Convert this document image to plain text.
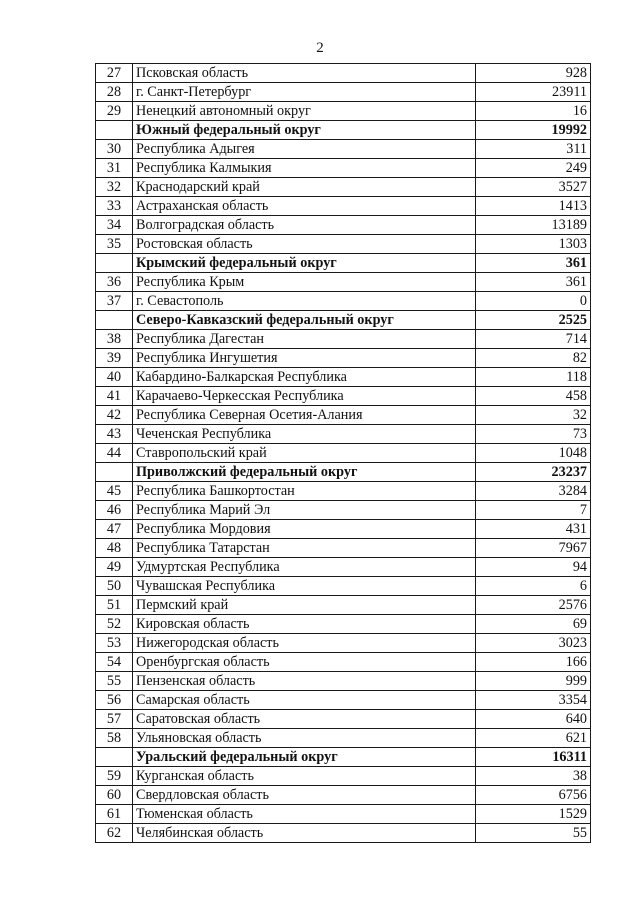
2
27	Псковская область	928
28	г. Санкт-Петербург	23911
29	Ненецкий автономный округ	16
	Южный федеральный округ	19992
30	Республика Адыгея	311
31	Республика Калмыкия	249
32	Краснодарский край	3527
33	Астраханская область	1413
34	Волгоградская область	13189
35	Ростовская область	1303
	Крымский федеральный округ	361
36	Республика Крым	361
37	г. Севастополь	0
	Северо-Кавказский федеральный округ	2525
38	Республика Дагестан	714
39	Республика Ингушетия	82
40	Кабардино-Балкарская Республика	118
41	Карачаево-Черкесская Республика	458
42	Республика Северная Осетия-Алания	32
43	Чеченская Республика	73
44	Ставропольский край	1048
	Приволжский федеральный округ	23237
45	Республика Башкортостан	3284
46	Республика Марий Эл	7
47	Республика Мордовия	431
48	Республика Татарстан	7967
49	Удмуртская Республика	94
50	Чувашская Республика	6
51	Пермский край	2576
52	Кировская область	69
53	Нижегородская область	3023
54	Оренбургская область	166
55	Пензенская область	999
56	Самарская область	3354
57	Саратовская область	640
58	Ульяновская область	621
	Уральский федеральный округ	16311
59	Курганская область	38
60	Свердловская область	6756
61	Тюменская область	1529
62	Челябинская область	55
